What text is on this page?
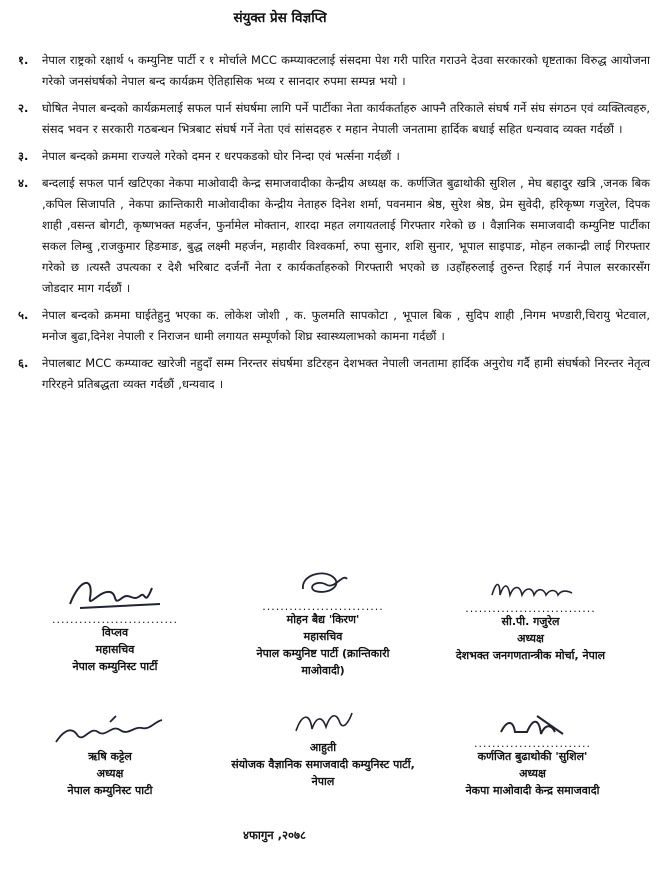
संयुक्त प्रेस विज्ञप्ति
१.	नेपाल राष्ट्रको रक्षार्थ ५ कम्युनिष्ट पार्टी र १ मोर्चाले MCC कम्प्याक्टलाई संसदमा पेश गरी पारित गराउने देउवा सरकारको धृष्टताका विरुद्ध आयोजना गरेको जनसंघर्षको नेपाल बन्द कार्यक्रम ऐतिहासिक भव्य र सानदार रुपमा सम्पन्न भयो ।
२.	घोषित नेपाल बन्दको कार्यक्रमलाई सफल पार्न संघर्षमा लागि पर्ने पार्टीका नेता कार्यकर्ताहरु आफ्नै तरिकाले संघर्ष गर्ने संघ संगठन एवं व्यक्तित्वहरु, संसद भवन र सरकारी गठबन्धन भित्रबाट संघर्ष गर्ने नेता एवं सांसदहरु र महान नेपाली जनतामा हार्दिक बधाई सहित धन्यवाद व्यक्त गर्दछौं ।
३.	नेपाल बन्दको क्रममा राज्यले गरेको दमन र धरपकडको घोर निन्दा एवं भर्त्सना गर्दछौं ।
४.	बन्दलाई सफल पार्न खटिएका नेकपा माओवादी केन्द्र समाजवादीका केन्द्रीय अध्यक्ष क. कर्णजित बुढाथोकी सुशिल , मेघ बहादुर खत्रि ,जनक बिक ,कपिल सिजापति , नेकपा क्रान्तिकारी माओवादीका केन्द्रीय नेताहरु दिनेश शर्मा, पवनमान श्रेष्ठ, सुरेश श्रेष्ठ, प्रेम सुवेदी, हरिकृष्ण गजुरेल, दिपक शाही ,वसन्त बोगटी, कृष्णभक्त महर्जन, फुर्नामेल मोक्तान, शारदा महत लगायतलाई गिरफ्तार गरेको छ । वैज्ञानिक समाजवादी कम्युनिष्ट पार्टीका सकल लिम्बु ,राजकुमार हिङमाङ, बुद्ध लक्ष्मी महर्जन, महावीर विश्वकर्मा, रुपा सुनार, शशि सुनार, भूपाल साइपाङ, मोहन लकान्द्री लाई गिरफ्तार गरेको छ ।त्यस्तै उपत्यका र देशै भरिबाट दर्जनौं नेता र कार्यकर्ताहरुको गिरफ्तारी भएको छ ।उहाँहरुलाई तुरुन्त रिहाई गर्न नेपाल सरकारसँग जोडदार माग गर्दछौं ।
५.	नेपाल बन्दको क्रममा घाईतेहुनु भएका क. लोकेश जोशी , क. फुलमति सापकोटा , भूपाल बिक , सुदिप शाही ,निगम भण्डारी,चिरायु भेटवाल, मनोज बुढा,दिनेश नेपाली र निराजन धामी लगायत सम्पूर्णको शिघ्र स्वास्थ्यलाभको कामना गर्दछौं ।
६.	नेपालबाट MCC कम्प्याक्ट खारेजी नहुदाँ सम्म निरन्तर संघर्षमा डटिरहन देशभक्त नेपाली जनतामा हार्दिक अनुरोध गर्दै हामी संघर्षको निरन्तर नेतृत्व गरिरहने प्रतिबद्धता व्यक्त गर्दछौं ,धन्यवाद ।
............................
विप्लव
महासचिव
नेपाल कम्युनिस्ट पार्टी
...........................
मोहन बैद्य 'किरण'
महासचिव
नेपाल कम्युनिष्ट पार्टी (क्रान्तिकारी माओवादी)
.............................
सी.पी. गजुरेल
अध्यक्ष
देशभक्त जनगणतान्त्रीक मोर्चा, नेपाल
ऋषि कट्टेल
अध्यक्ष
नेपाल कम्युनिस्ट पाटी
आहुती
संयोजक वैज्ञानिक समाजवादी कम्युनिस्ट पार्टी, नेपाल
..........................
कर्णजित बुढाथोकी 'सुशिल'
अध्यक्ष
नेकपा माओवादी केन्द्र समाजवादी
४फागुन ,२०७८
